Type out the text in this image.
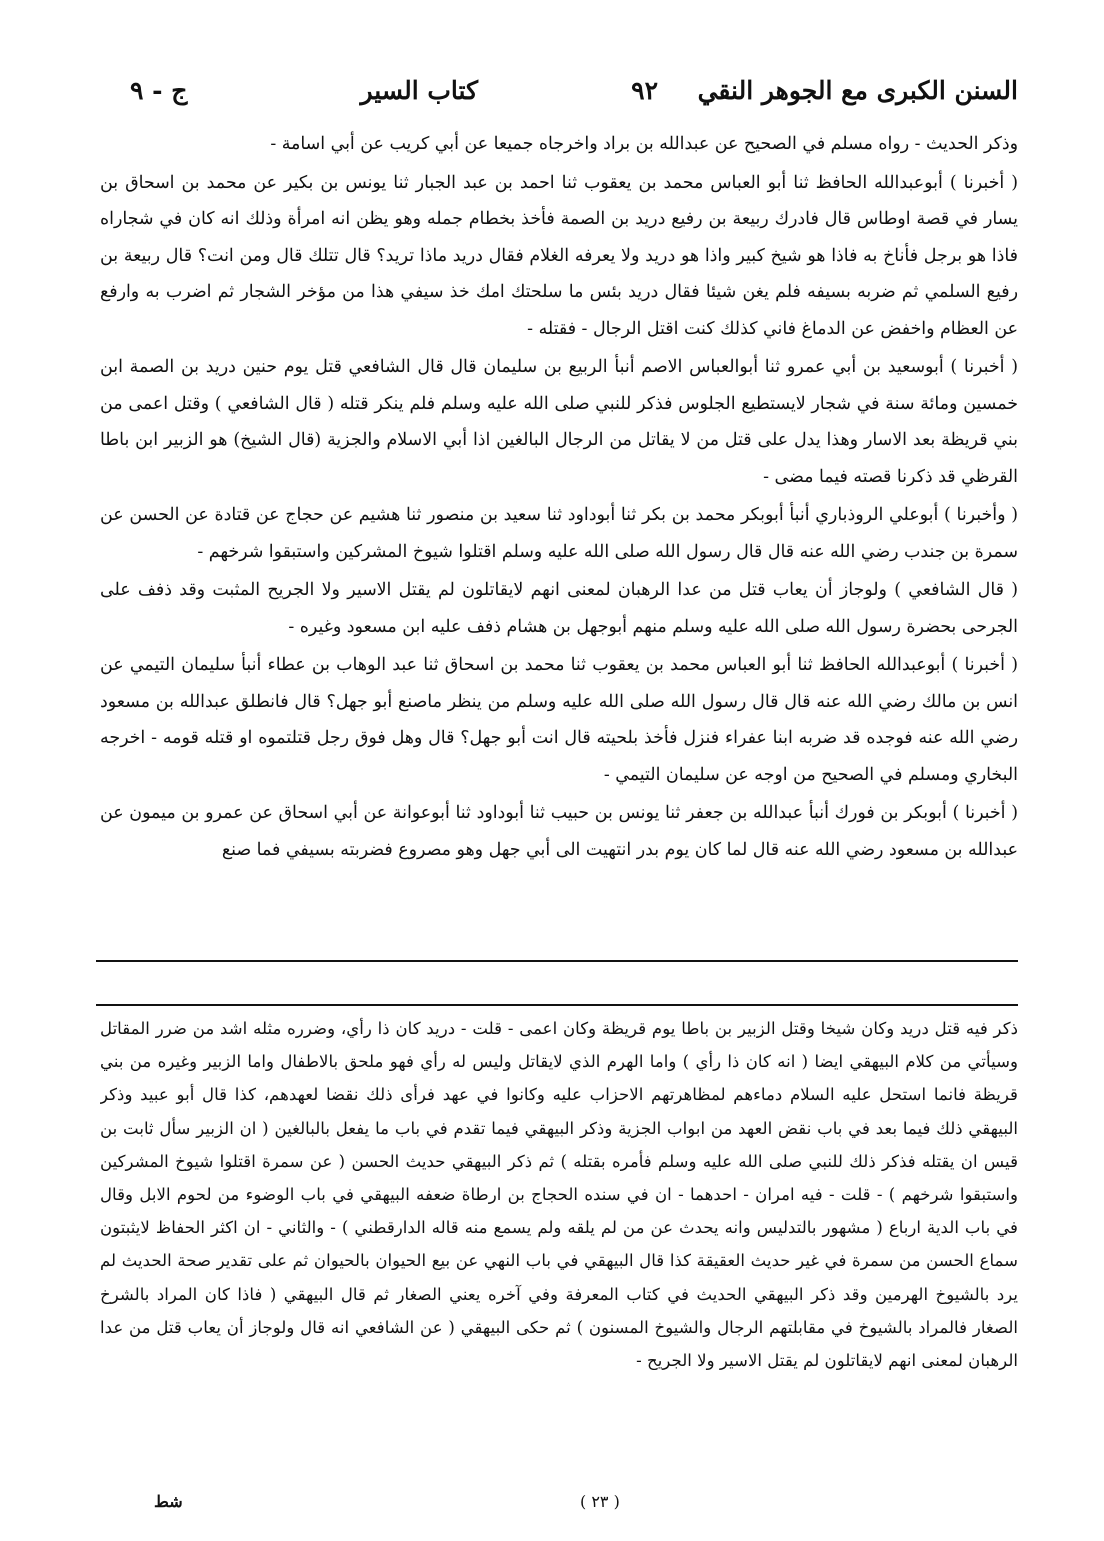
السنن الكبرى مع الجوهر النقي
٩٢
كتاب السير
ج - ٩

وذكر الحديث - رواه مسلم في الصحيح عن عبدالله بن براد واخرجاه جميعا عن أبي كريب عن أبي اسامة -

( أخبرنا ) أبوعبدالله الحافظ ثنا أبو العباس محمد بن يعقوب ثنا احمد بن عبد الجبار ثنا يونس بن بكير عن محمد بن اسحاق بن يسار في قصة اوطاس قال فادرك ربيعة بن رفيع دريد بن الصمة فأخذ بخطام جمله وهو يظن انه امرأة وذلك انه كان في شجاراه فاذا هو برجل فأناخ به فاذا هو شيخ كبير واذا هو دريد ولا يعرفه الغلام فقال دريد ماذا تريد؟ قال تتلك قال ومن انت؟ قال ربيعة بن رفيع السلمي ثم ضربه بسيفه فلم يغن شيئا فقال دريد بئس ما سلحتك امك خذ سيفي هذا من مؤخر الشجار ثم اضرب به وارفع عن العظام واخفض عن الدماغ فاني كذلك كنت اقتل الرجال - فقتله -

( أخبرنا ) أبوسعيد بن أبي عمرو ثنا أبوالعباس الاصم أنبأ الربيع بن سليمان قال قال الشافعي قتل يوم حنين دريد بن الصمة ابن خمسين ومائة سنة في شجار لايستطيع الجلوس فذكر للنبي صلى الله عليه وسلم فلم ينكر قتله ( قال الشافعي ) وقتل اعمى من بني قريظة بعد الاسار وهذا يدل على قتل من لا يقاتل من الرجال البالغين اذا أبي الاسلام والجزية (قال الشيخ) هو الزبير ابن باطا القرظي قد ذكرنا قصته فيما مضى -

( وأخبرنا ) أبوعلي الروذباري أنبأ أبوبكر محمد بن بكر ثنا أبوداود ثنا سعيد بن منصور ثنا هشيم عن حجاج عن قتادة عن الحسن عن سمرة بن جندب رضي الله عنه قال قال رسول الله صلى الله عليه وسلم اقتلوا شيوخ المشركين واستبقوا شرخهم -

( قال الشافعي ) ولوجاز أن يعاب قتل من عدا الرهبان لمعنى انهم لايقاتلون لم يقتل الاسير ولا الجريح المثبت وقد ذفف على الجرحى بحضرة رسول الله صلى الله عليه وسلم منهم أبوجهل بن هشام ذفف عليه ابن مسعود وغيره -

( أخبرنا ) أبوعبدالله الحافظ ثنا أبو العباس محمد بن يعقوب ثنا محمد بن اسحاق ثنا عبد الوهاب بن عطاء أنبأ سليمان التيمي عن انس بن مالك رضي الله عنه قال قال رسول الله صلى الله عليه وسلم من ينظر ماصنع أبو جهل؟ قال فانطلق عبدالله بن مسعود رضي الله عنه فوجده قد ضربه ابنا عفراء فنزل فأخذ بلحيته قال انت أبو جهل؟ قال وهل فوق رجل قتلتموه او قتله قومه - اخرجه البخاري ومسلم في الصحيح من اوجه عن سليمان التيمي -

( أخبرنا ) أبوبكر بن فورك أنبأ عبدالله بن جعفر ثنا يونس بن حبيب ثنا أبوداود ثنا أبوعوانة عن أبي اسحاق عن عمرو بن ميمون عن عبدالله بن مسعود رضي الله عنه قال لما كان يوم بدر انتهيت الى أبي جهل وهو مصروع فضربته بسيفي فما صنع

ذكر فيه قتل دريد وكان شيخا وقتل الزبير بن باطا يوم قريظة وكان اعمى - قلت - دريد كان ذا رأي، وضرره مثله اشد من ضرر المقاتل وسيأتي من كلام البيهقي ايضا ( انه كان ذا رأي ) واما الهرم الذي لايقاتل وليس له رأي فهو ملحق بالاطفال واما الزبير وغيره من بني قريظة فانما استحل عليه السلام دماءهم لمظاهرتهم الاحزاب عليه وكانوا في عهد فرأى ذلك نقضا لعهدهم، كذا قال أبو عبيد وذكر البيهقي ذلك فيما بعد في باب نقض العهد من ابواب الجزية وذكر البيهقي فيما تقدم في باب ما يفعل بالبالغين ( ان الزبير سأل ثابت بن قيس ان يقتله فذكر ذلك للنبي صلى الله عليه وسلم فأمره بقتله ) ثم ذكر البيهقي حديث الحسن ( عن سمرة اقتلوا شيوخ المشركين واستبقوا شرخهم ) - قلت - فيه امران - احدهما - ان في سنده الحجاج بن ارطاة ضعفه البيهقي في باب الوضوء من لحوم الابل وقال في باب الدية ارباع ( مشهور بالتدليس وانه يحدث عن من لم يلقه ولم يسمع منه قاله الدارقطني ) - والثاني - ان اكثر الحفاظ لايثبتون سماع الحسن من سمرة في غير حديث العقيقة كذا قال البيهقي في باب النهي عن بيع الحيوان بالحيوان ثم على تقدير صحة الحديث لم يرد بالشيوخ الهرمين وقد ذكر البيهقي الحديث في كتاب المعرفة وفي آخره يعني الصغار ثم قال البيهقي ( فاذا كان المراد بالشرخ الصغار فالمراد بالشيوخ في مقابلتهم الرجال والشيوخ المسنون ) ثم حكى البيهقي ( عن الشافعي انه قال ولوجاز أن يعاب قتل من عدا الرهبان لمعنى انهم لايقاتلون لم يقتل الاسير ولا الجريح -

( ٢٣ )
شط
